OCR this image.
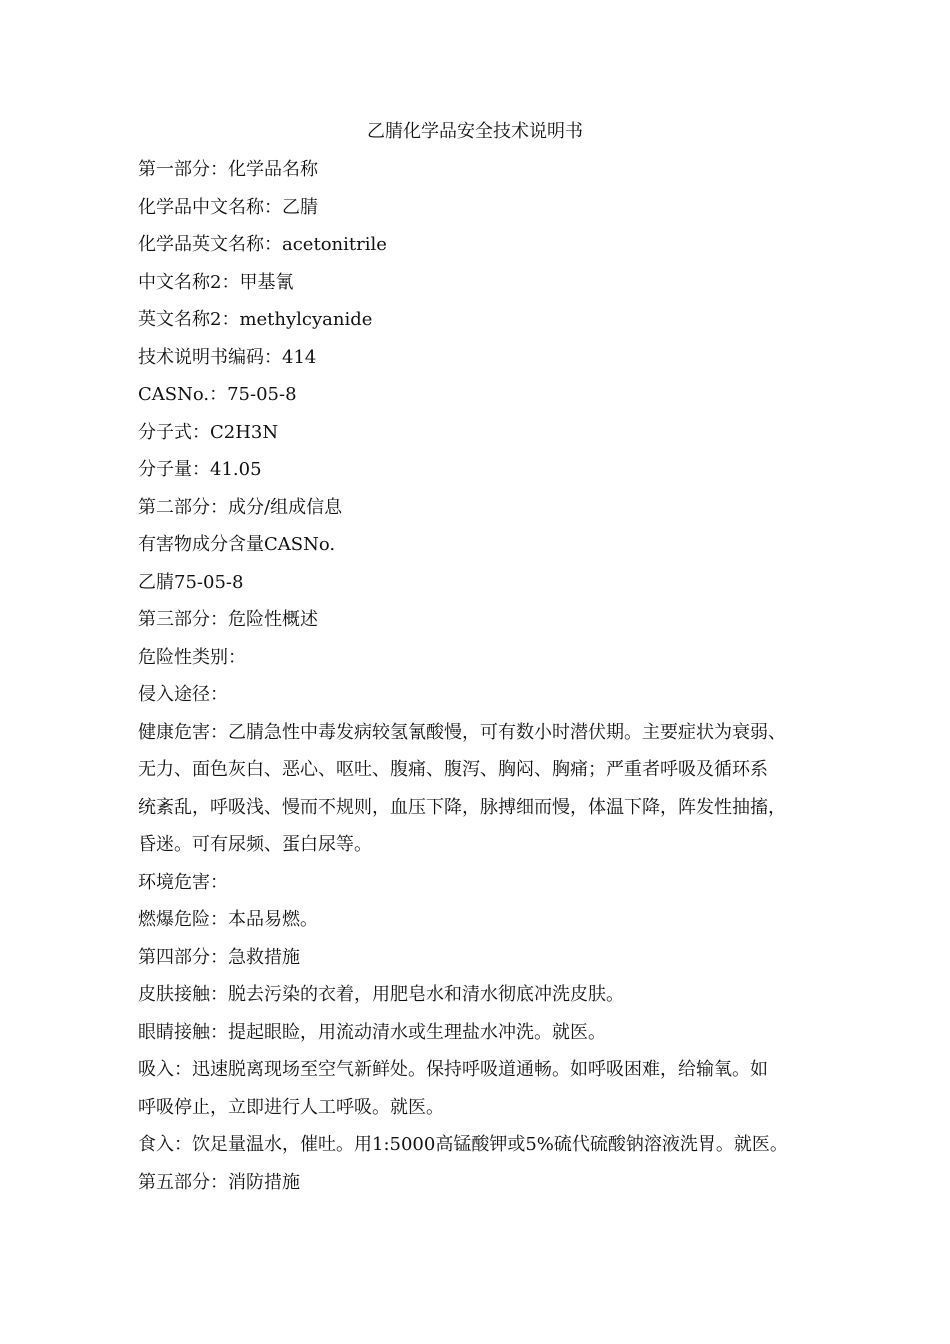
乙腈化学品安全技术说明书
第一部分：化学品名称
化学品中文名称：乙腈
化学品英文名称：acetonitrile
中文名称2：甲基氰
英文名称2：methylcyanide
技术说明书编码：414
CASNo.：75-05-8
分子式：C2H3N
分子量：41.05
第二部分：成分/组成信息
有害物成分含量CASNo.
乙腈75-05-8
第三部分：危险性概述
危险性类别：
侵入途径：
健康危害：乙腈急性中毒发病较氢氰酸慢，可有数小时潜伏期。主要症状为衰弱、
无力、面色灰白、恶心、呕吐、腹痛、腹泻、胸闷、胸痛；严重者呼吸及循环系
统紊乱，呼吸浅、慢而不规则，血压下降，脉搏细而慢，体温下降，阵发性抽搐，
昏迷。可有尿频、蛋白尿等。
环境危害：
燃爆危险：本品易燃。
第四部分：急救措施
皮肤接触：脱去污染的衣着，用肥皂水和清水彻底冲洗皮肤。
眼睛接触：提起眼睑，用流动清水或生理盐水冲洗。就医。
吸入：迅速脱离现场至空气新鲜处。保持呼吸道通畅。如呼吸困难，给输氧。如
呼吸停止，立即进行人工呼吸。就医。
食入：饮足量温水，催吐。用1:5000高锰酸钾或5%硫代硫酸钠溶液洗胃。就医。
第五部分：消防措施
